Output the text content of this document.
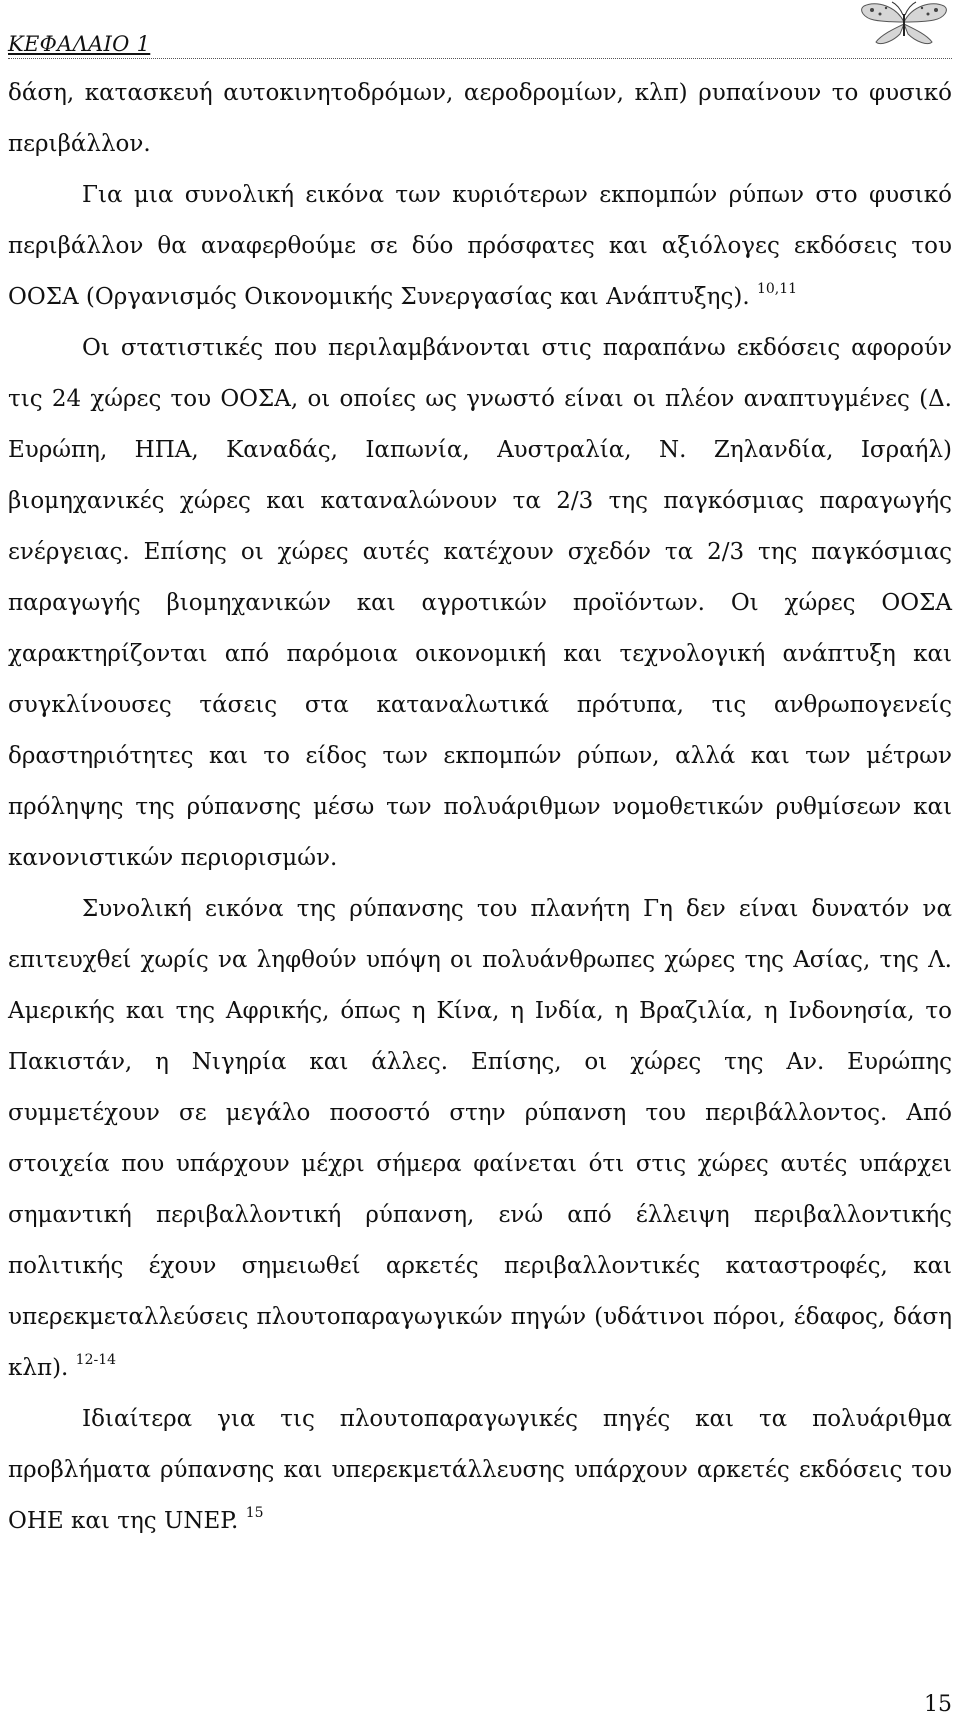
ΚΕΦΑΛΑΙΟ 1

δάση, κατασκευή αυτοκινητοδρόμων, αεροδρομίων, κλπ) ρυπαίνουν το φυσικό περιβάλλον.

Για μια συνολική εικόνα των κυριότερων εκπομπών ρύπων στο φυσικό περιβάλλον θα αναφερθούμε σε δύο πρόσφατες και αξιόλογες εκδόσεις του ΟΟΣΑ (Οργανισμός Οικονομικής Συνεργασίας και Ανάπτυξης). $^{10,11}$

Οι στατιστικές που περιλαμβάνονται στις παραπάνω εκδόσεις αφορούν τις 24 χώρες του ΟΟΣΑ, οι οποίες ως γνωστό είναι οι πλέον αναπτυγμένες (Δ. Ευρώπη, ΗΠΑ, Καναδάς, Ιαπωνία, Αυστραλία, Ν. Ζηλανδία, Ισραήλ) βιομηχανικές χώρες και καταναλώνουν τα 2/3 της παγκόσμιας παραγωγής ενέργειας. Επίσης οι χώρες αυτές κατέχουν σχεδόν τα 2/3 της παγκόσμιας παραγωγής βιομηχανικών και αγροτικών προϊόντων. Οι χώρες ΟΟΣΑ χαρακτηρίζονται από παρόμοια οικονομική και τεχνολογική ανάπτυξη και συγκλίνουσες τάσεις στα καταναλωτικά πρότυπα, τις ανθρωπογενείς δραστηριότητες και το είδος των εκπομπών ρύπων, αλλά και των μέτρων πρόληψης της ρύπανσης μέσω των πολυάριθμων νομοθετικών ρυθμίσεων και κανονιστικών περιορισμών.

Συνολική εικόνα της ρύπανσης του πλανήτη Γη δεν είναι δυνατόν να επιτευχθεί χωρίς να ληφθούν υπόψη οι πολυάνθρωπες χώρες της Ασίας, της Λ. Αμερικής και της Αφρικής, όπως η Κίνα, η Ινδία, η Βραζιλία, η Ινδονησία, το Πακιστάν, η Νιγηρία και άλλες. Επίσης, οι χώρες της Αν. Ευρώπης συμμετέχουν σε μεγάλο ποσοστό στην ρύπανση του περιβάλλοντος. Από στοιχεία που υπάρχουν μέχρι σήμερα φαίνεται ότι στις χώρες αυτές υπάρχει σημαντική περιβαλλοντική ρύπανση, ενώ από έλλειψη περιβαλλοντικής πολιτικής έχουν σημειωθεί αρκετές περιβαλλοντικές καταστροφές, και υπερεκμεταλλεύσεις πλουτοπαραγωγικών πηγών (υδάτινοι πόροι, έδαφος, δάση κλπ). $^{12-14}$

Ιδιαίτερα για τις πλουτοπαραγωγικές πηγές και τα πολυάριθμα προβλήματα ρύπανσης και υπερεκμετάλλευσης υπάρχουν αρκετές εκδόσεις του ΟΗΕ και της UNEP. $^{15}$

15
